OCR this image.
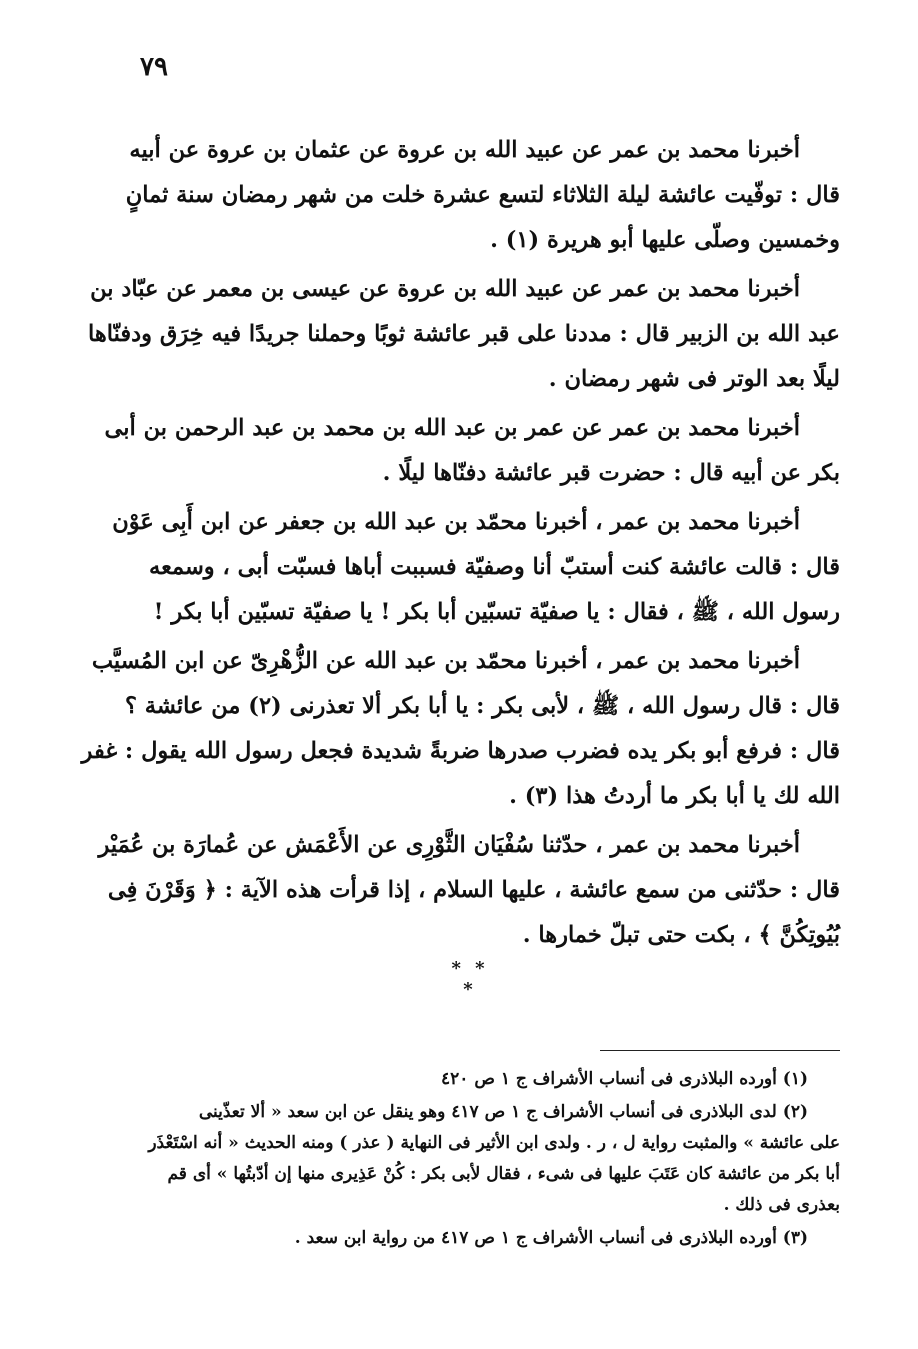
٧٩
أخبرنا محمد بن عمر عن عبيد الله بن عروة عن عثمان بن عروة عن أبيه
قال : توفّيت عائشة ليلة الثلاثاء لتسع عشرة خلت من شهر رمضان سنة ثمانٍ
وخمسين وصلّى عليها أبو هريرة (١) .
أخبرنا محمد بن عمر عن عبيد الله بن عروة عن عيسى بن معمر عن عبّاد بن
عبد الله بن الزبير قال : مددنا على قبر عائشة ثوبًا وحملنا جريدًا فيه خِرَق ودفنّاها
ليلًا بعد الوتر فى شهر رمضان .
أخبرنا محمد بن عمر عن عمر بن عبد الله بن محمد بن عبد الرحمن بن أبى
بكر عن أبيه قال : حضرت قبر عائشة دفنّاها ليلًا .
أخبرنا محمد بن عمر ، أخبرنا محمّد بن عبد الله بن جعفر عن ابن أَبِى عَوْن
قال : قالت عائشة كنت أستبّ أنا وصفيّة فسببت أباها فسبّت أبى ، وسمعه
رسول الله ، ﷺ ، فقال : يا صفيّة تسبّين أبا بكر ! يا صفيّة تسبّين أبا بكر !
أخبرنا محمد بن عمر ، أخبرنا محمّد بن عبد الله عن الزُّهْرِىّ عن ابن المُسيَّب
قال : قال رسول الله ، ﷺ ، لأبى بكر : يا أبا بكر ألا تعذرنى (٢) من عائشة ؟
قال : فرفع أبو بكر يده فضرب صدرها ضربةً شديدة فجعل رسول الله يقول : غفر
الله لك يا أبا بكر ما أردتُ هذا (٣) .
أخبرنا محمد بن عمر ، حدّثنا سُفْيَان الثَّوْرِى عن الأَعْمَش عن عُمارَة بن عُمَيْر
قال : حدّثنى من سمع عائشة ، عليها السلام ، إذا قرأت هذه الآية : ﴿ وَقَرْنَ فِى
بُيُوتِكُنَّ ﴾ ، بكت حتى تبلّ خمارها .
* * *
(١) أورده البلاذرى فى أنساب الأشراف ج ١ ص ٤٢٠
(٢) لدى البلاذرى فى أنساب الأشراف ج ١ ص ٤١٧ وهو ينقل عن ابن سعد « ألا تعذّينى
على عائشة » والمثبت رواية ل ، ر . ولدى ابن الأثير فى النهاية ( عذر ) ومنه الحديث « أنه اسْتَعْذَر
أبا بكر من عائشة كان عَتَبَ عليها فى شىء ، فقال لأبى بكر : كُنْ عَذِيرى منها إن أدّبتُها » أى قم
بعذرى فى ذلك .
(٣) أورده البلاذرى فى أنساب الأشراف ج ١ ص ٤١٧ من رواية ابن سعد .
